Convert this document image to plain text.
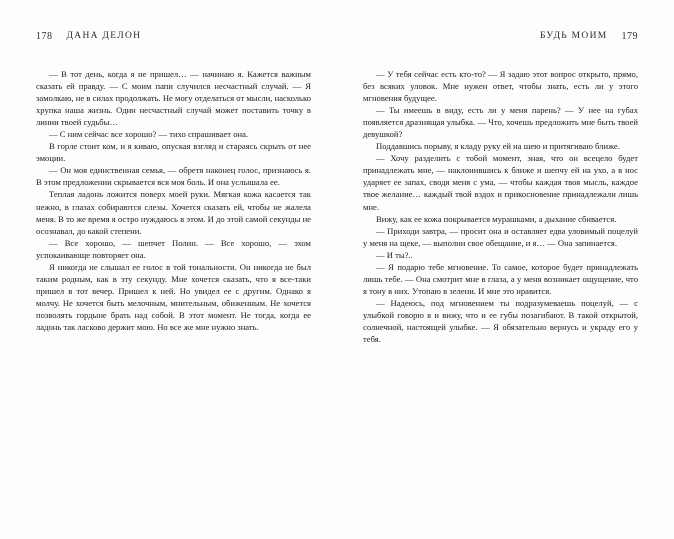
178 ДАНА ДЕЛОН

— В тот день, когда я не пришел… — начинаю я. Кажется важным сказать ей правду. — С моим папи случился несчастный случай. — Я замолкаю, не в силах продолжать. Не могу отделаться от мысли, насколько хрупка наша жизнь. Один несчастный случай может поставить точку в линии твоей судьбы…

— С ним сейчас все хорошо? — тихо спрашивает она.

В горле стоит ком, и я киваю, опуская взгляд и стараясь скрыть от нее эмоции.

— Он моя единственная семья, — обретя наконец голос, признаюсь я. В этом предложении скрывается вся моя боль. И она услышала ее.

Теплая ладонь ложится поверх моей руки. Мягкая кожа касается так нежно, в глазах собираются слезы. Хочется сказать ей, чтобы не жалела меня. В то же время я остро нуждаюсь в этом. И до этой самой секунды не осознавал, до какой степени.

— Все хорошо, — шепчет Полин. — Все хорошо, — эхом успокаивающе повторяет она.

Я никогда не слышал ее голос в той тональности. Он никогда не был таким родным, как в эту секунду. Мне хочется сказать, что я все-таки пришел в тот вечер. Пришел к ней. Но увидел ее с другим. Однако я молчу. Не хочется быть мелочным, мнительным, обиженным. Не хочется позволять гордыне брать над собой. В этот момент. Не тогда, когда ее ладонь так ласково держит мою. Но все же мне нужно знать.

БУДЬ МОИМ 179

— У тебя сейчас есть кто-то? — Я задаю этот вопрос открыто, прямо, без всяких уловок. Мне нужен ответ, чтобы знать, есть ли у этого мгновения будущее.

— Ты имеешь в виду, есть ли у меня парень? — У нее на губах появляется дразнящая улыбка. — Что, хочешь предложить мне быть твоей девушкой?

Поддавшись порыву, я кладу руку ей на шею и притягиваю ближе.

— Хочу разделить с тобой момент, зная, что он всецело будет принадлежать мне, — наклонившись к ближе и шепчу ей на ухо, а в нос ударяет ее запах, сводя меня с ума, — чтобы каждая твоя мысль, каждое твое желание… каждый твой вздох и прикосновение принадлежали лишь мне.

Вижу, как ее кожа покрывается мурашками, а дыхание сбивается.

— Приходи завтра, — просит она и оставляет едва уловимый поцелуй у меня на щеке, — выполни свое обещание, и я… — Она запинается.

— И ты?..

— Я подарю тебе мгновение. То самое, которое будет принадлежать лишь тебе. — Она смотрит мне в глаза, а у меня возникает ощущение, что я тону в них. Утопаю в зелени. И мне это нравится.

— Надеюсь, под мгновением ты подразумеваешь поцелуй, — с улыбкой говорю я и вижу, что и ее губы позагибают. В такой открытой, солнечной, настоящей улыбке. — Я обязательно вернусь и украду его у тебя.
